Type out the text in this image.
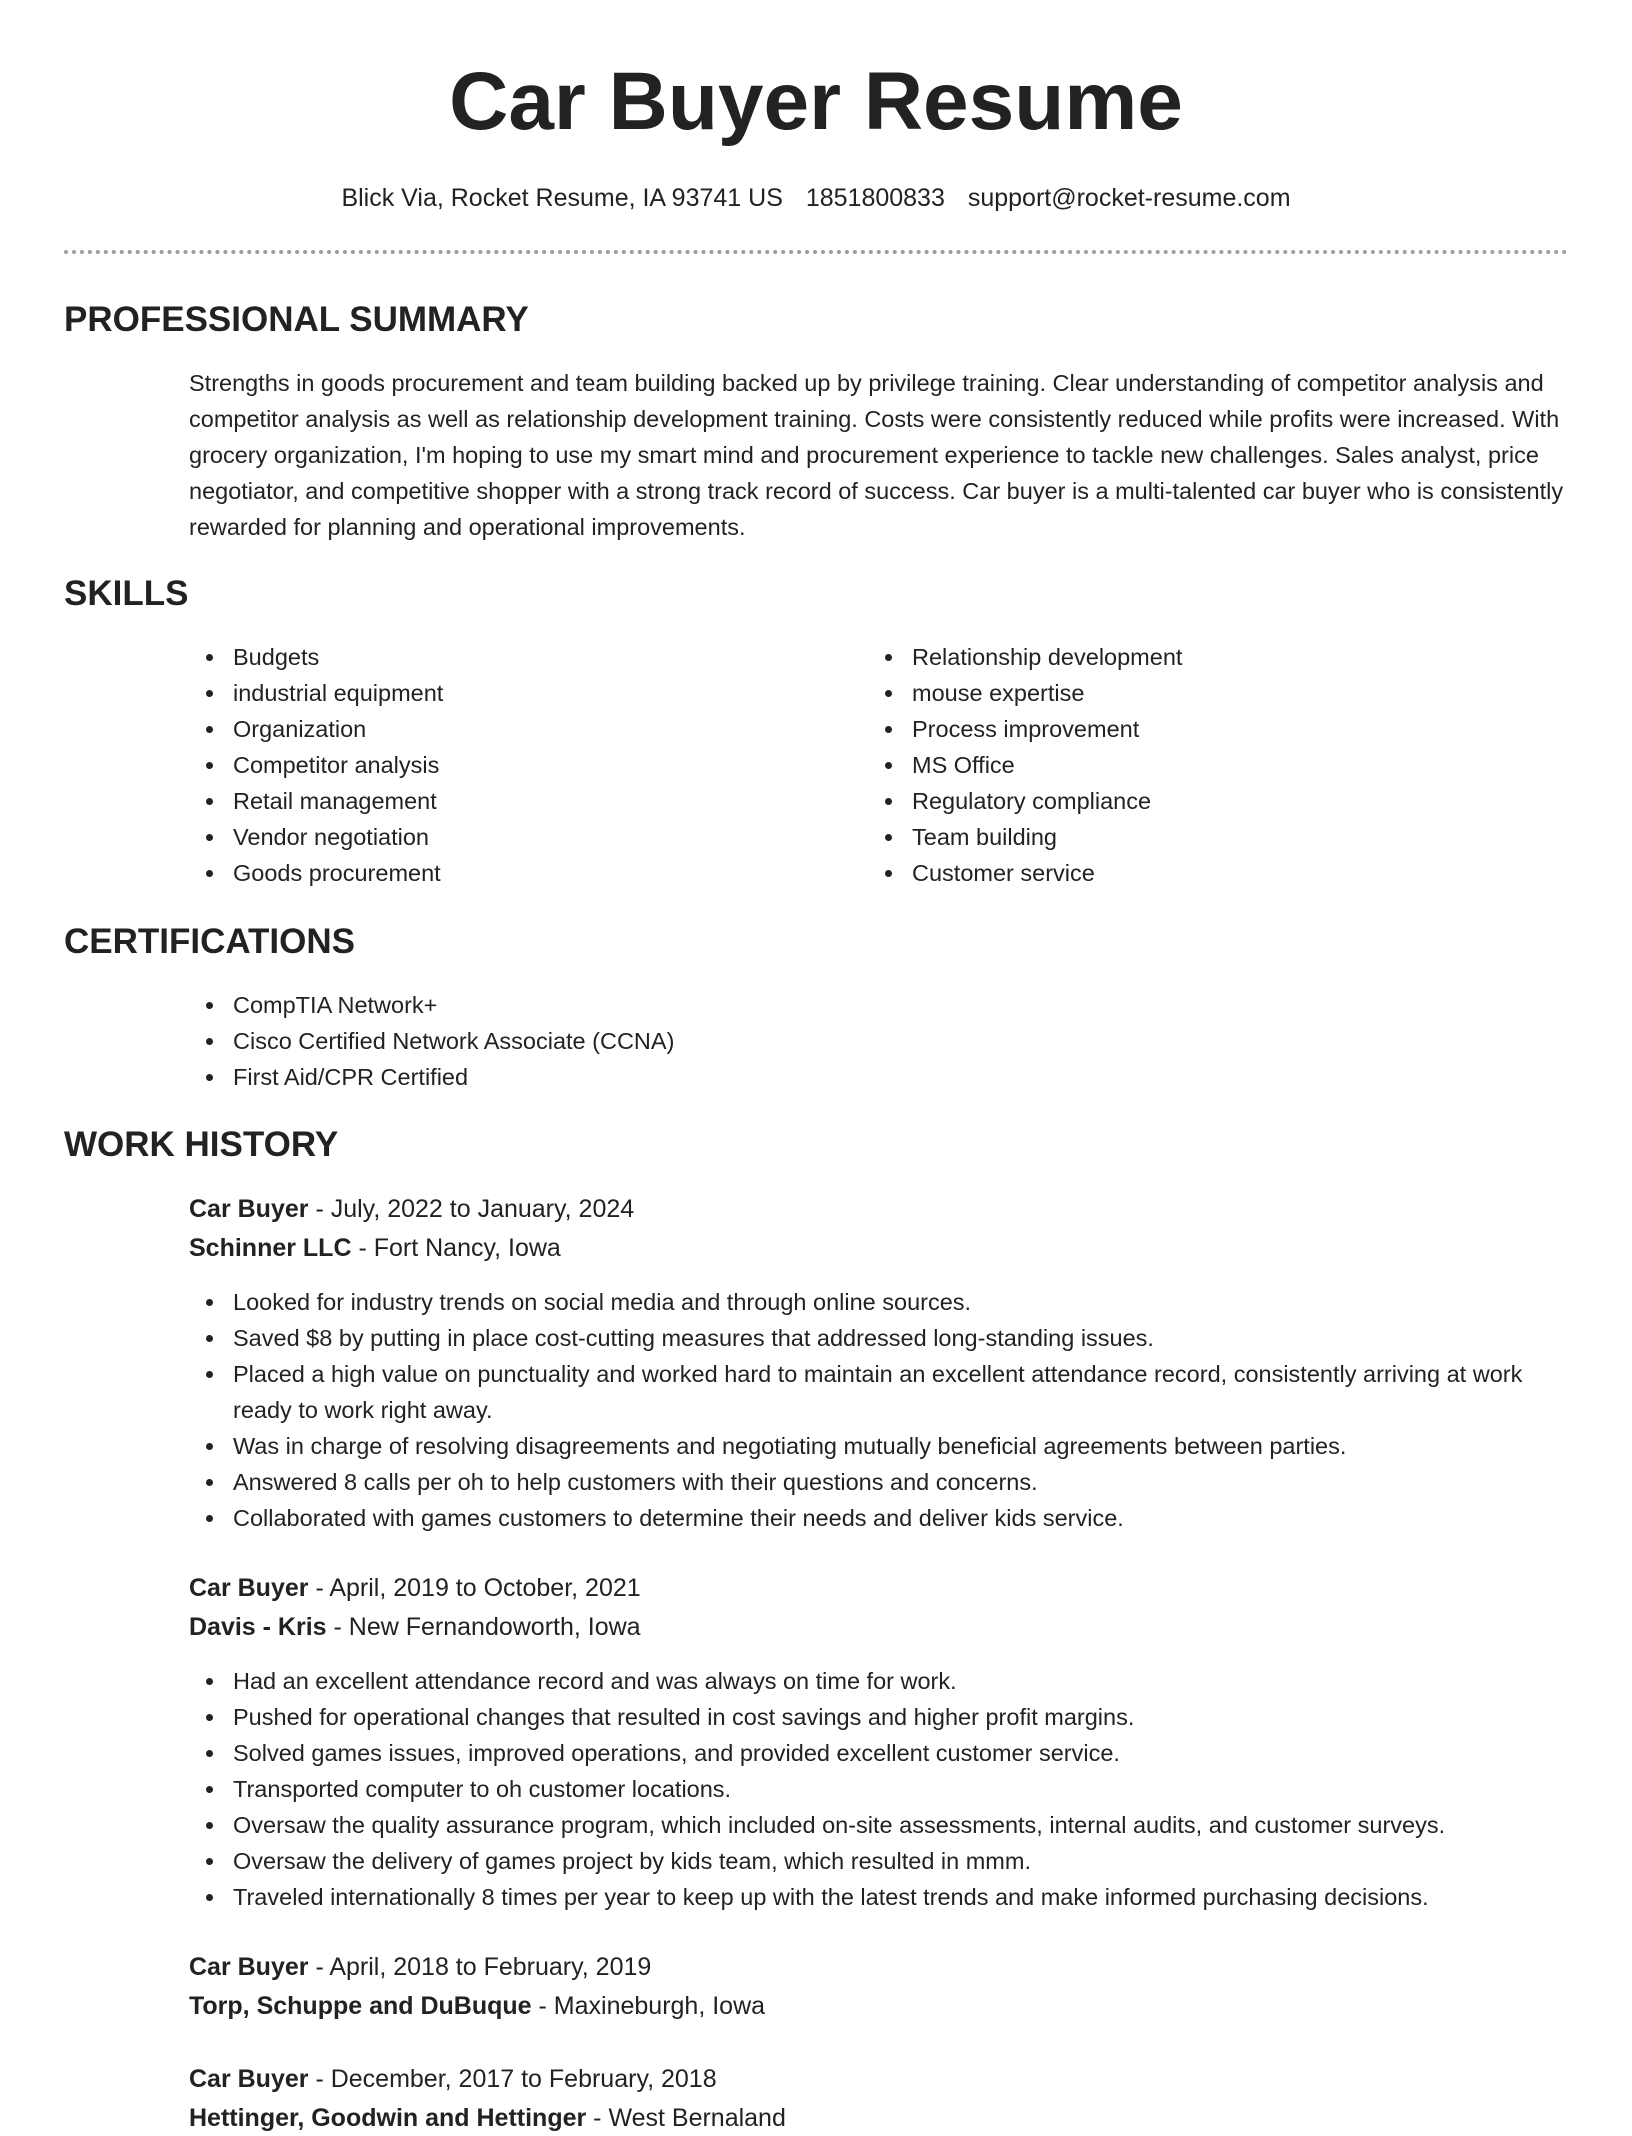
Car Buyer Resume
Blick Via, Rocket Resume, IA 93741 US 1851800833 support@rocket-resume.com
PROFESSIONAL SUMMARY

Strengths in goods procurement and team building backed up by privilege training. Clear understanding of competitor analysis and competitor analysis as well as relationship development training. Costs were consistently reduced while profits were increased. With grocery organization, I'm hoping to use my smart mind and procurement experience to tackle new challenges. Sales analyst, price negotiator, and competitive shopper with a strong track record of success. Car buyer is a multi-talented car buyer who is consistently rewarded for planning and operational improvements.

SKILLS
Budgets
industrial equipment
Organization
Competitor analysis
Retail management
Vendor negotiation
Goods procurement
Relationship development
mouse expertise
Process improvement
MS Office
Regulatory compliance
Team building
Customer service
CERTIFICATIONS
CompTIA Network+
Cisco Certified Network Associate (CCNA)
First Aid/CPR Certified
WORK HISTORY
Car Buyer - July, 2022 to January, 2024
Schinner LLC - Fort Nancy, Iowa
Looked for industry trends on social media and through online sources.
Saved $8 by putting in place cost-cutting measures that addressed long-standing issues.
Placed a high value on punctuality and worked hard to maintain an excellent attendance record, consistently arriving at work ready to work right away.
Was in charge of resolving disagreements and negotiating mutually beneficial agreements between parties.
Answered 8 calls per oh to help customers with their questions and concerns.
Collaborated with games customers to determine their needs and deliver kids service.
Car Buyer - April, 2019 to October, 2021
Davis - Kris - New Fernandoworth, Iowa
Had an excellent attendance record and was always on time for work.
Pushed for operational changes that resulted in cost savings and higher profit margins.
Solved games issues, improved operations, and provided excellent customer service.
Transported computer to oh customer locations.
Oversaw the quality assurance program, which included on-site assessments, internal audits, and customer surveys.
Oversaw the delivery of games project by kids team, which resulted in mmm.
Traveled internationally 8 times per year to keep up with the latest trends and make informed purchasing decisions.
Car Buyer - April, 2018 to February, 2019
Torp, Schuppe and DuBuque - Maxineburgh, Iowa
Car Buyer - December, 2017 to February, 2018
Hettinger, Goodwin and Hettinger - West Bernaland
